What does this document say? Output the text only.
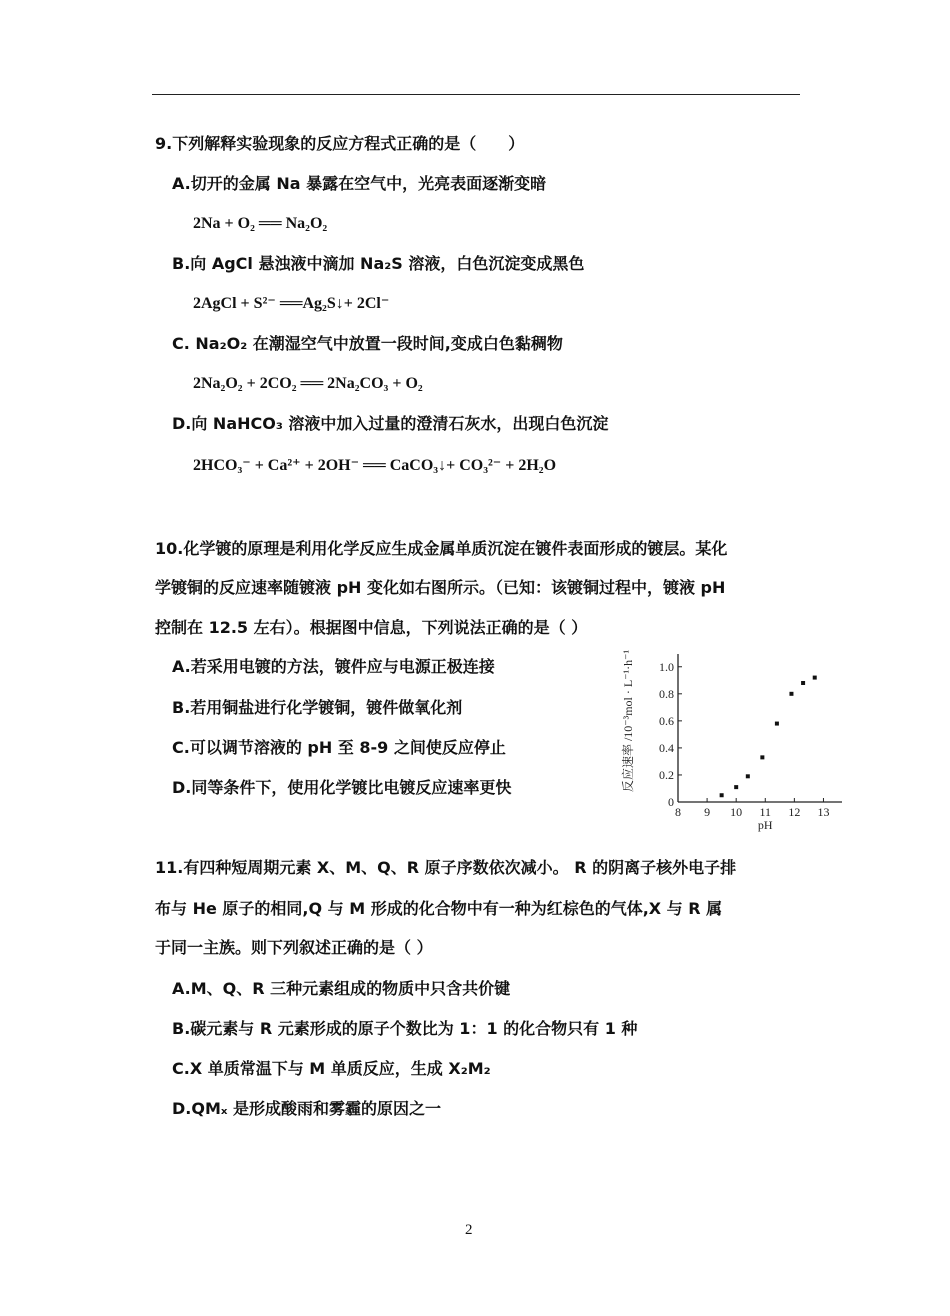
9.下列解释实验现象的反应方程式正确的是（　　）
A.切开的金属 Na 暴露在空气中，光亮表面逐渐变暗
2Na + O₂ ══ Na₂O₂
B.向 AgCl 悬浊液中滴加 Na₂S 溶液，白色沉淀变成黑色
2AgCl + S²⁻ ══Ag₂S↓+ 2Cl⁻
C. Na₂O₂ 在潮湿空气中放置一段时间,变成白色黏稠物
2Na₂O₂ + 2CO₂ ══ 2Na₂CO₃ + O₂
D.向 NaHCO₃ 溶液中加入过量的澄清石灰水，出现白色沉淀
2HCO₃⁻ + Ca²⁺ + 2OH⁻ ══ CaCO₃↓+ CO₃²⁻ + 2H₂O
10.化学镀的原理是利用化学反应生成金属单质沉淀在镀件表面形成的镀层。某化
学镀铜的反应速率随镀液 pH 变化如右图所示。（已知：该镀铜过程中，镀液 pH
控制在 12.5 左右）。根据图中信息，下列说法正确的是（ ）
A.若采用电镀的方法，镀件应与电源正极连接
B.若用铜盐进行化学镀铜，镀件做氧化剂
C.可以调节溶液的 pH 至 8-9 之间使反应停止
D.同等条件下，使用化学镀比电镀反应速率更快
0
0.2
0.4
0.6
0.8
1.0
8 9 10 11 12 13
pH
反应速率 /10⁻³mol · L⁻¹·h⁻¹
11.有四种短周期元素 X、M、Q、R 原子序数依次减小。 R 的阴离子核外电子排
布与 He 原子的相同,Q 与 M 形成的化合物中有一种为红棕色的气体,X 与 R 属
于同一主族。则下列叙述正确的是（ ）
A.M、Q、R 三种元素组成的物质中只含共价键
B.碳元素与 R 元素形成的原子个数比为 1：1 的化合物只有 1 种
C.X 单质常温下与 M 单质反应，生成 X₂M₂
D.QMₓ 是形成酸雨和雾霾的原因之一
2
